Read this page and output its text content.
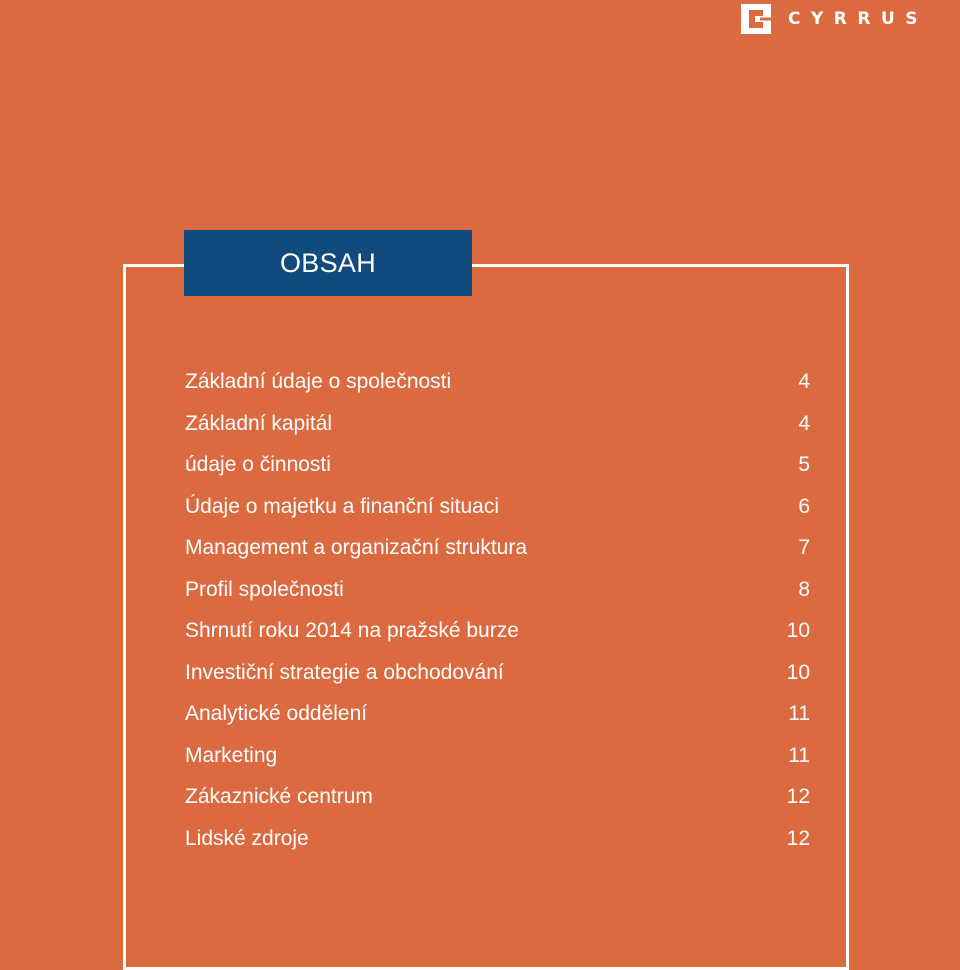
CYRRUS
OBSAH
Základní údaje o společnosti	4
Základní kapitál	4
údaje o činnosti	5
Údaje o majetku a finanční situaci	6
Management a organizační struktura	7
Profil společnosti	8
Shrnutí roku 2014 na pražské burze	10
Investiční strategie a obchodování	10
Analytické oddělení	11
Marketing	11
Zákaznické centrum	12
Lidské zdroje	12
